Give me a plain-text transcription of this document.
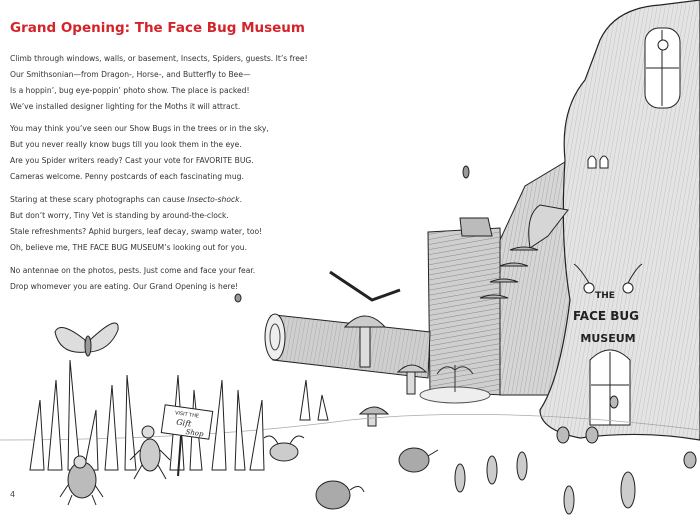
Grand Opening: The Face Bug Museum
Climb through windows, walls, or basement, Insects, Spiders, guests. It’s free!
Our Smithsonian—from Dragon-, Horse-, and Butterfly to Bee—
Is a hoppin’, bug eye-poppin’ photo show. The place is packed!
We’ve installed designer lighting for the Moths it will attract.
You may think you’ve seen our Show Bugs in the trees or in the sky,
But you never really know bugs till you look them in the eye.
Are you Spider writers ready? Cast your vote for FAVORITE BUG.
Cameras welcome. Penny postcards of each fascinating mug.
Staring at these scary photographs can cause Insecto-shock.
But don’t worry, Tiny Vet is standing by around-the-clock.
Stale refreshments? Aphid burgers, leaf decay, swamp water, too!
Oh, believe me, THE FACE BUG MUSEUM’s looking out for you.
No antennae on the photos, pests. Just come and face your fear.
Drop whomever you are eating. Our Grand Opening is here!
THE
FACE BUG
MUSEUM
VISIT THE
Gift
Shop
4
